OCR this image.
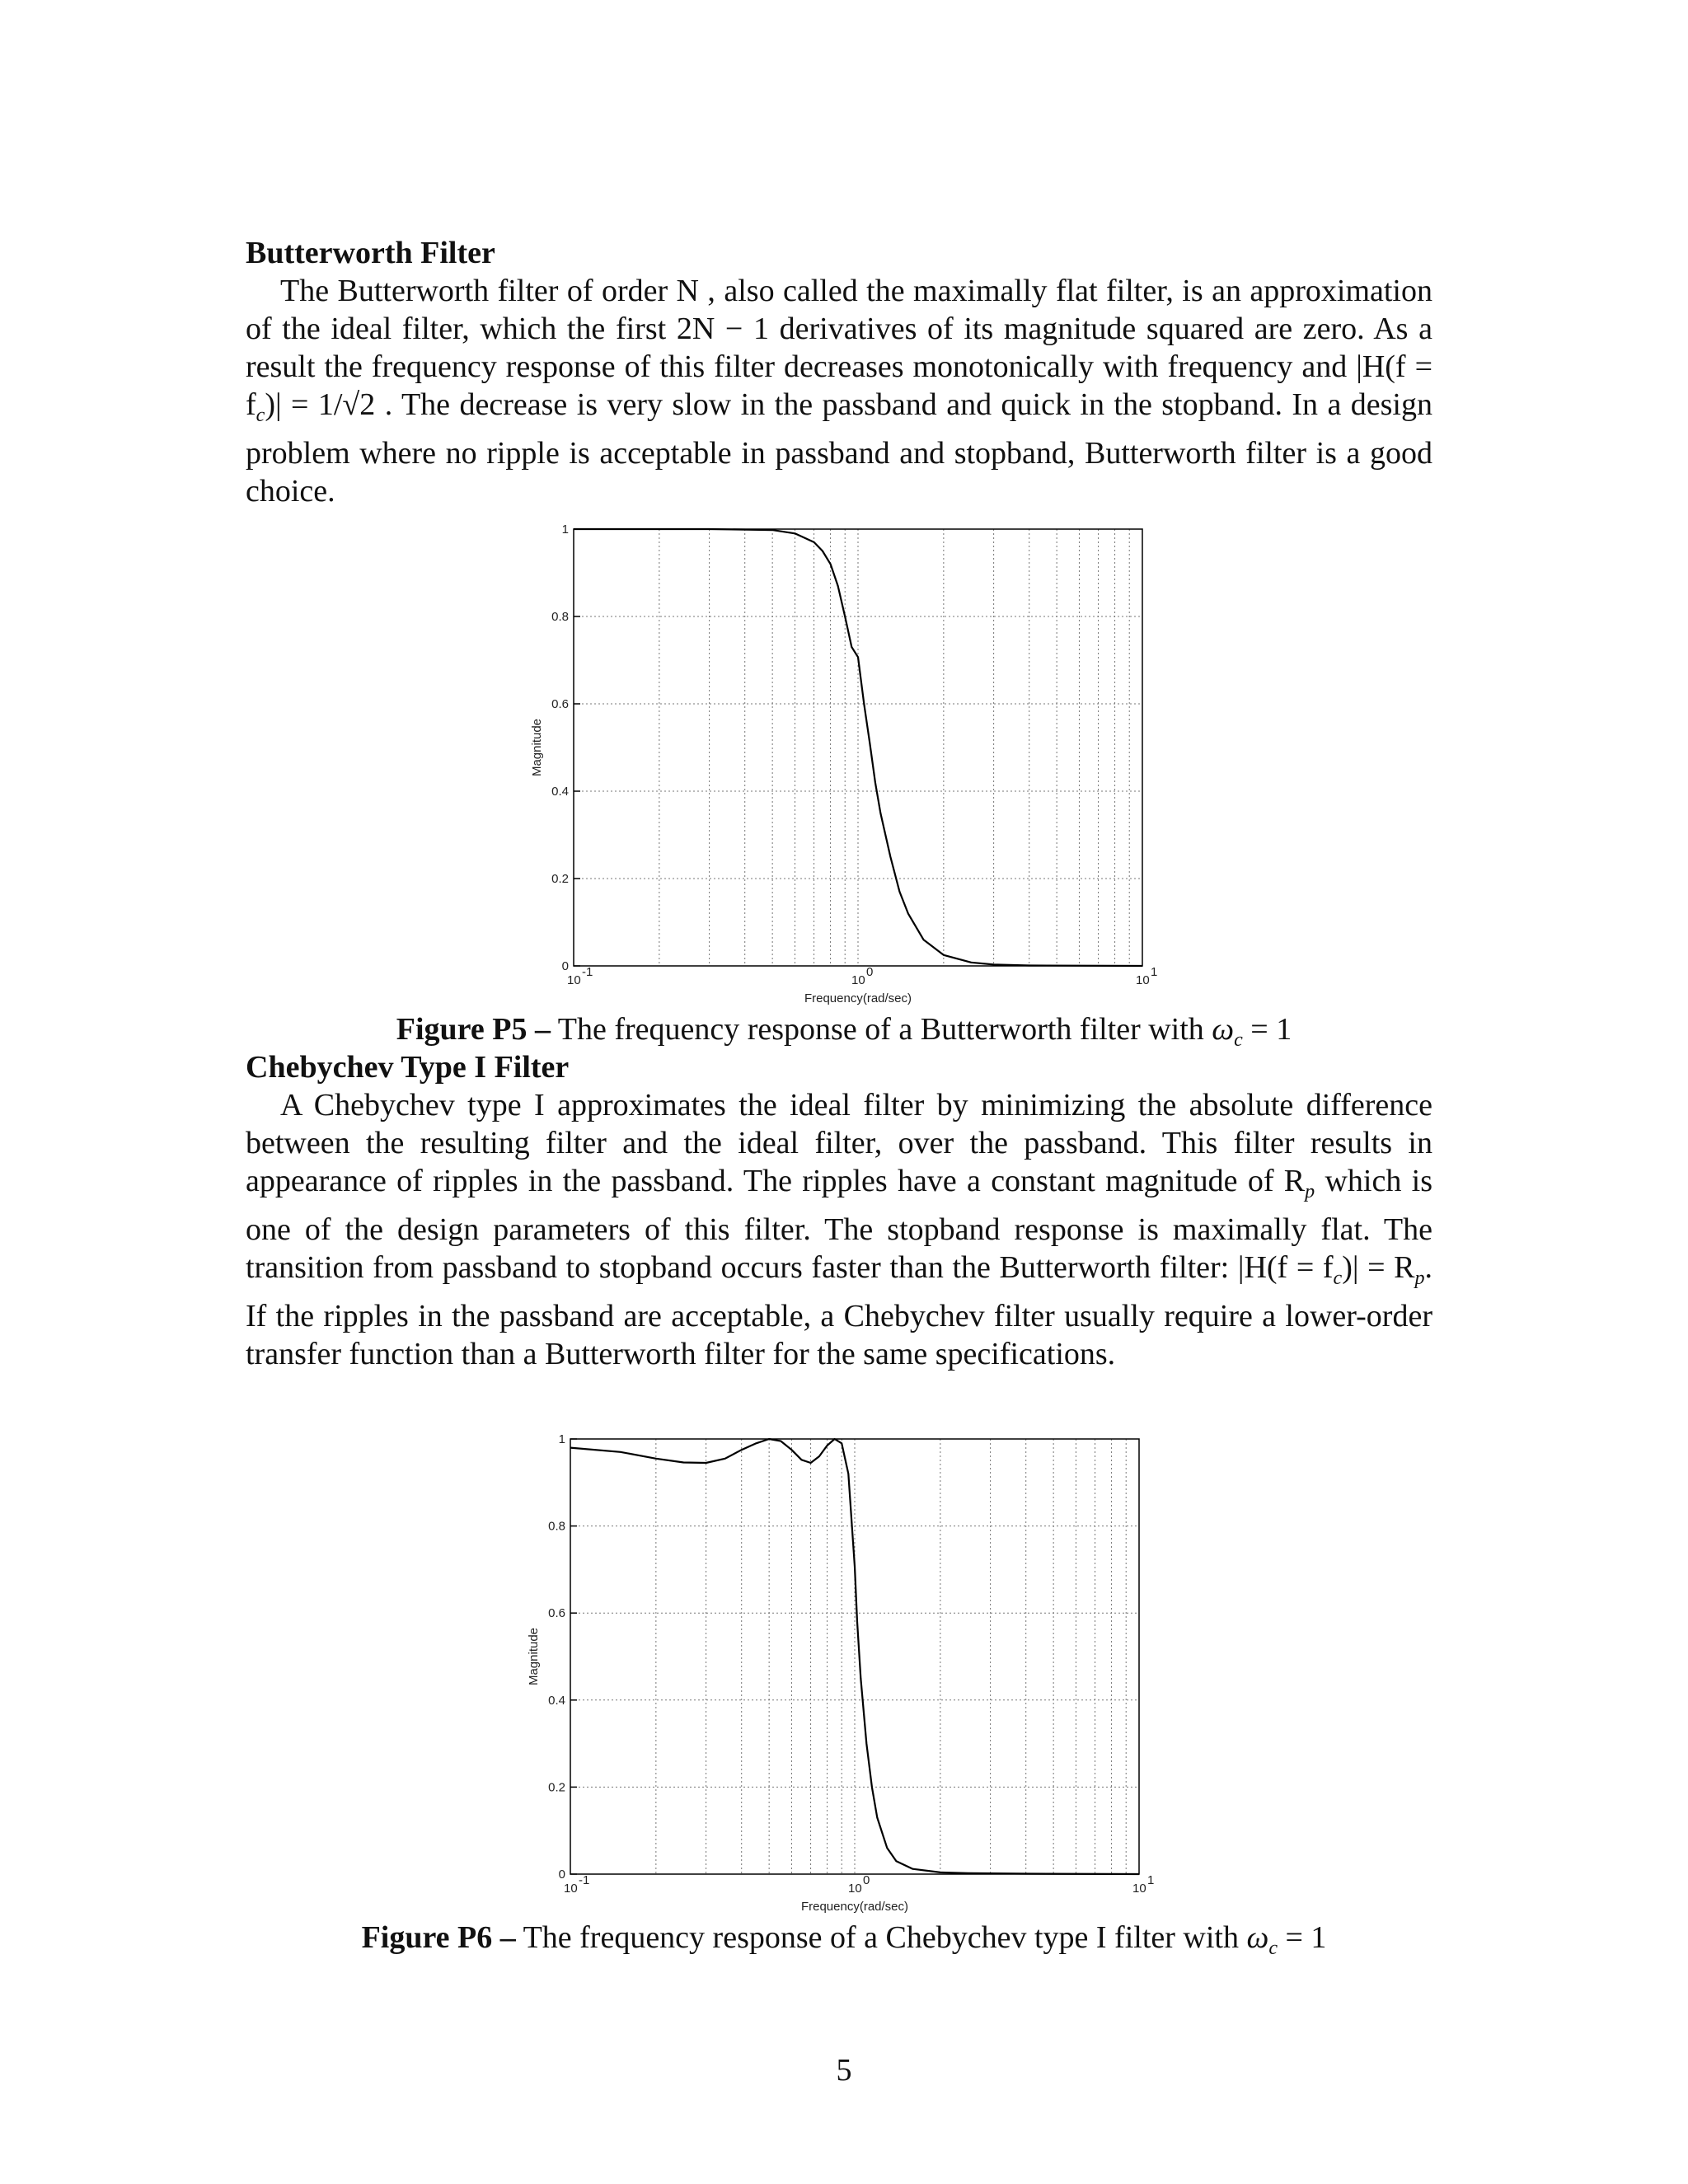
Butterworth Filter

The Butterworth filter of order N , also called the maximally flat filter, is an approximation of the ideal filter, which the first 2N − 1 derivatives of its magnitude squared are zero. As a result the frequency response of this filter decreases monotonically with frequency and $|H(f = f_c)| = 1/√2$ . The decrease is very slow in the passband and quick in the stopband. In a design problem where no ripple is acceptable in passband and stopband, Butterworth filter is a good choice.

0
0.2
0.4
0.6
0.8
1
10
-1
10
0
10
1
Frequency(rad/sec)
Magnitude

Figure P5 – The frequency response of a Butterworth filter with $\omega_c = 1$

Chebychev Type I Filter

A Chebychev type I approximates the ideal filter by minimizing the absolute difference between the resulting filter and the ideal filter, over the passband. This filter results in appearance of ripples in the passband. The ripples have a constant magnitude of $R_p$ which is one of the design parameters of this filter. The stopband response is maximally flat. The transition from passband to stopband occurs faster than the Butterworth filter: $|H(f = f_c)| = R_p$. If the ripples in the passband are acceptable, a Chebychev filter usually require a lower-order transfer function than a Butterworth filter for the same specifications.

0
0.2
0.4
0.6
0.8
1
10
-1
10
0
10
1
Frequency(rad/sec)
Magnitude

Figure P6 – The frequency response of a Chebychev type I filter with $\omega_c = 1$

5
